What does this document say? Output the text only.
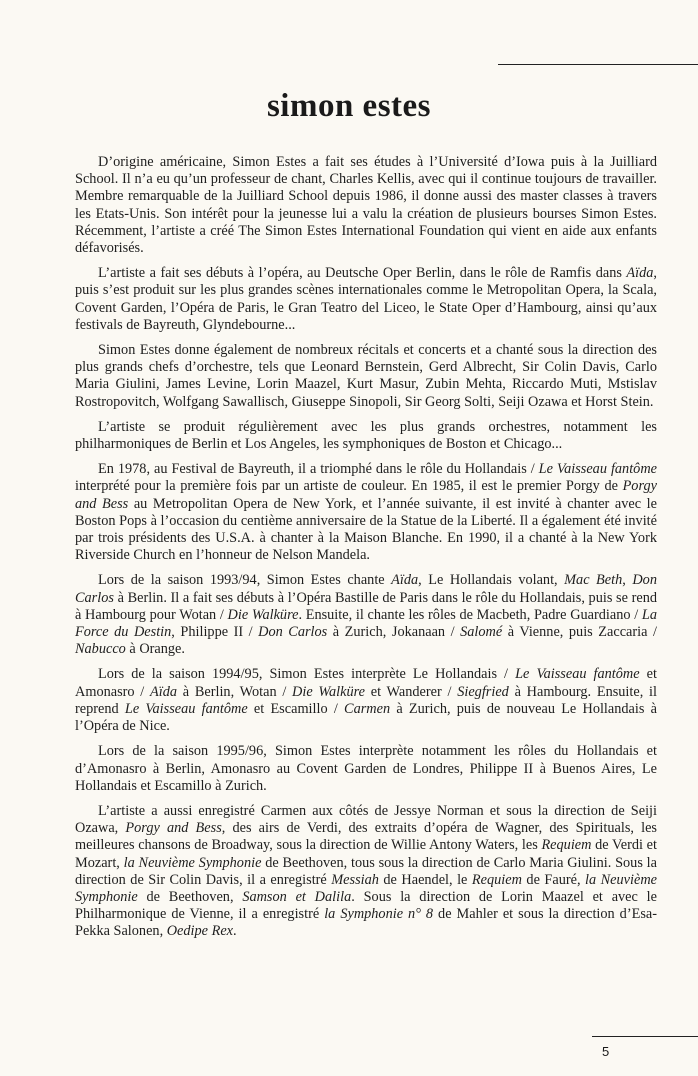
simon estes

D’origine américaine, Simon Estes a fait ses études à l’Université d’Iowa puis à la Juilliard School. Il n’a eu qu’un professeur de chant, Charles Kellis, avec qui il continue toujours de travailler. Membre remarquable de la Juilliard School depuis 1986, il donne aussi des master classes à travers les Etats-Unis. Son intérêt pour la jeunesse lui a valu la création de plusieurs bourses Simon Estes. Récemment, l’artiste a créé The Simon Estes International Foundation qui vient en aide aux enfants défavorisés.

L’artiste a fait ses débuts à l’opéra, au Deutsche Oper Berlin, dans le rôle de Ramfis dans Aïda, puis s’est produit sur les plus grandes scènes internationales comme le Metropolitan Opera, la Scala, Covent Garden, l’Opéra de Paris, le Gran Teatro del Liceo, le State Oper d’Hambourg, ainsi qu’aux festivals de Bayreuth, Glyndebourne...

Simon Estes donne également de nombreux récitals et concerts et a chanté sous la direction des plus grands chefs d’orchestre, tels que Leonard Bernstein, Gerd Albrecht, Sir Colin Davis, Carlo Maria Giulini, James Levine, Lorin Maazel, Kurt Masur, Zubin Mehta, Riccardo Muti, Mstislav Rostropovitch, Wolfgang Sawallisch, Giuseppe Sinopoli, Sir Georg Solti, Seiji Ozawa et Horst Stein.

L’artiste se produit régulièrement avec les plus grands orchestres, notamment les philharmoniques de Berlin et Los Angeles, les symphoniques de Boston et Chicago...

En 1978, au Festival de Bayreuth, il a triomphé dans le rôle du Hollandais / Le Vaisseau fantôme interprété pour la première fois par un artiste de couleur. En 1985, il est le premier Porgy de Porgy and Bess au Metropolitan Opera de New York, et l’année suivante, il est invité à chanter avec le Boston Pops à l’occasion du centième anniversaire de la Statue de la Liberté. Il a également été invité par trois présidents des U.S.A. à chanter à la Maison Blanche. En 1990, il a chanté à la New York Riverside Church en l’honneur de Nelson Mandela.

Lors de la saison 1993/94, Simon Estes chante Aïda, Le Hollandais volant, Mac Beth, Don Carlos à Berlin. Il a fait ses débuts à l’Opéra Bastille de Paris dans le rôle du Hollandais, puis se rend à Hambourg pour Wotan / Die Walküre. Ensuite, il chante les rôles de Macbeth, Padre Guardiano / La Force du Destin, Philippe II / Don Carlos à Zurich, Jokanaan / Salomé à Vienne, puis Zaccaria / Nabucco à Orange.

Lors de la saison 1994/95, Simon Estes interprète Le Hollandais / Le Vaisseau fantôme et Amonasro / Aïda à Berlin, Wotan / Die Walküre et Wanderer / Siegfried à Hambourg. Ensuite, il reprend Le Vaisseau fantôme et Escamillo / Carmen à Zurich, puis de nouveau Le Hollandais à l’Opéra de Nice.

Lors de la saison 1995/96, Simon Estes interprète notamment les rôles du Hollandais et d’Amonasro à Berlin, Amonasro au Covent Garden de Londres, Philippe II à Buenos Aires, Le Hollandais et Escamillo à Zurich.

L’artiste a aussi enregistré Carmen aux côtés de Jessye Norman et sous la direction de Seiji Ozawa, Porgy and Bess, des airs de Verdi, des extraits d’opéra de Wagner, des Spirituals, les meilleures chansons de Broadway, sous la direction de Willie Antony Waters, les Requiem de Verdi et Mozart, la Neuvième Symphonie de Beethoven, tous sous la direction de Carlo Maria Giulini. Sous la direction de Sir Colin Davis, il a enregistré Messiah de Haendel, le Requiem de Fauré, la Neuvième Symphonie de Beethoven, Samson et Dalila. Sous la direction de Lorin Maazel et avec le Philharmonique de Vienne, il a enregistré la Symphonie n° 8 de Mahler et sous la direction d’Esa-Pekka Salonen, Oedipe Rex.

5
